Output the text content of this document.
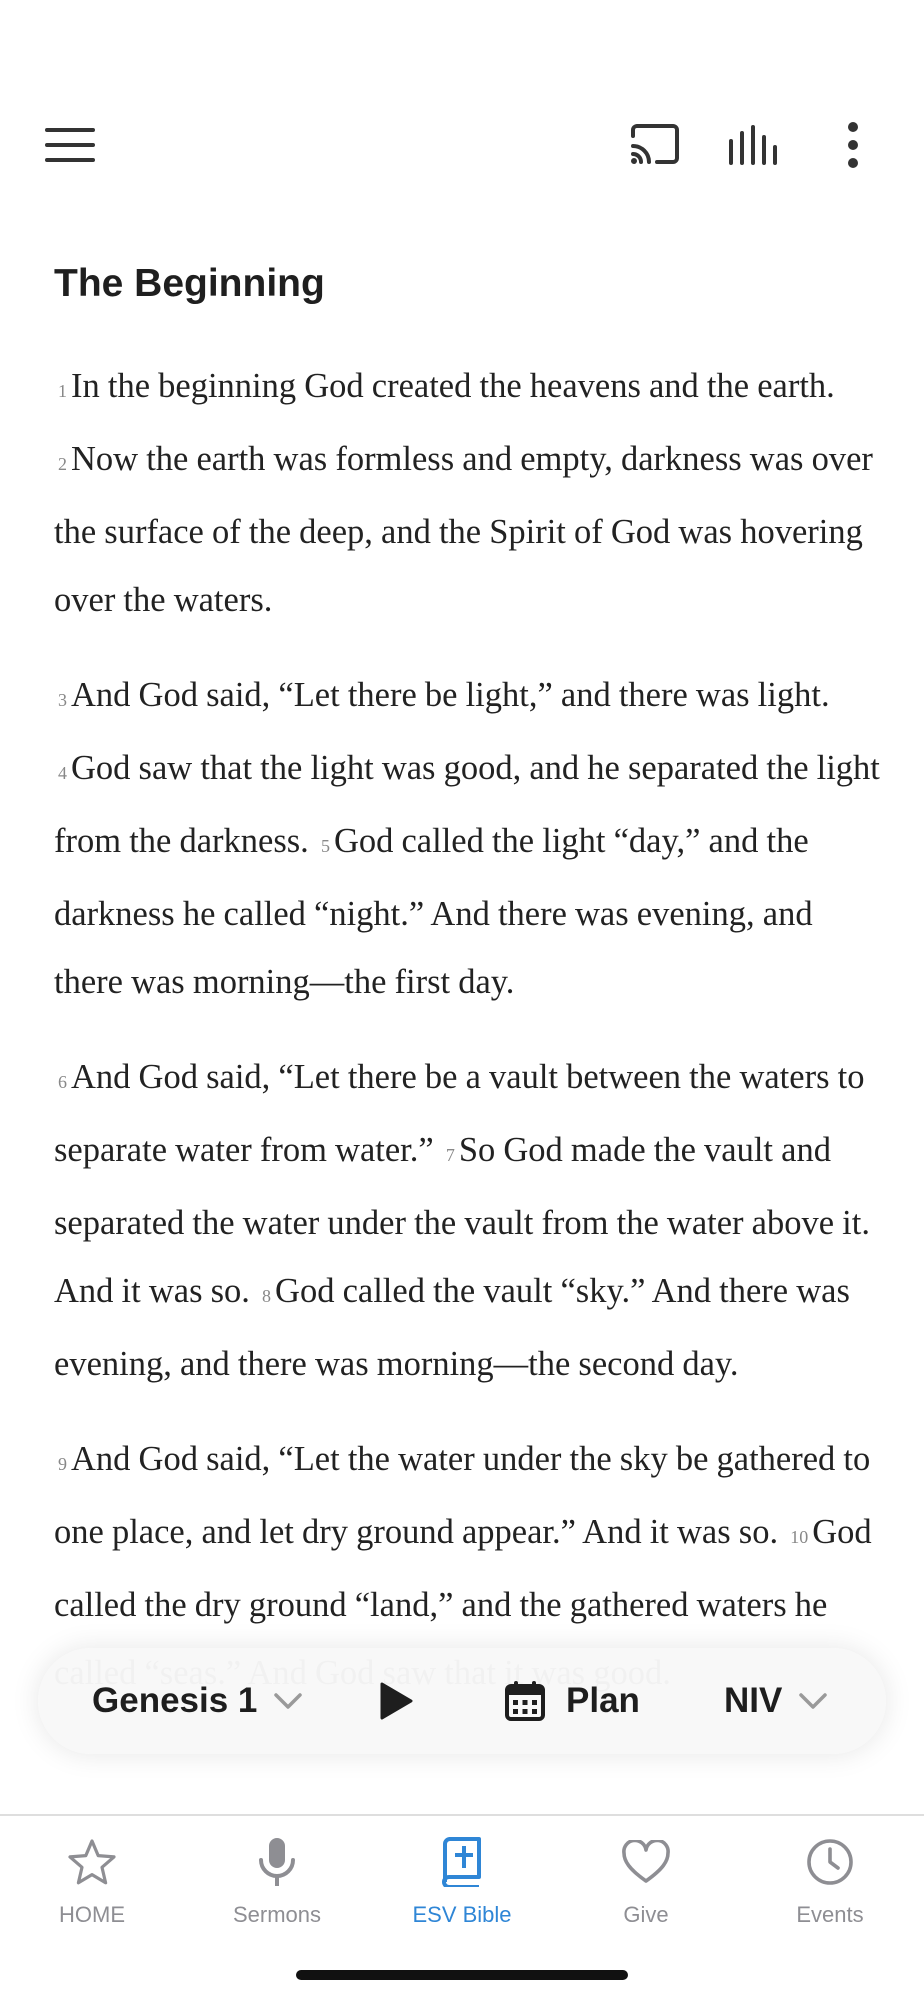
The Beginning

1 In the beginning God created the heavens and the earth. 2 Now the earth was formless and empty, darkness was over the surface of the deep, and the Spirit of God was hovering over the waters.

3 And God said, “Let there be light,” and there was light. 4 God saw that the light was good, and he separated the light from the darkness. 5 God called the light “day,” and the darkness he called “night.” And there was evening, and there was morning—the first day.

6 And God said, “Let there be a vault between the waters to separate water from water.” 7 So God made the vault and separated the water under the vault from the water above it. And it was so. 8 God called the vault “sky.” And there was evening, and there was morning—the second day.

9 And God said, “Let the water under the sky be gathered to one place, and let dry ground appear.” And it was so. 10 God called the dry ground “land,” and the gathered waters he

Genesis 1	Plan NIV
HOME	Sermons	ESV Bible	Give	Events
